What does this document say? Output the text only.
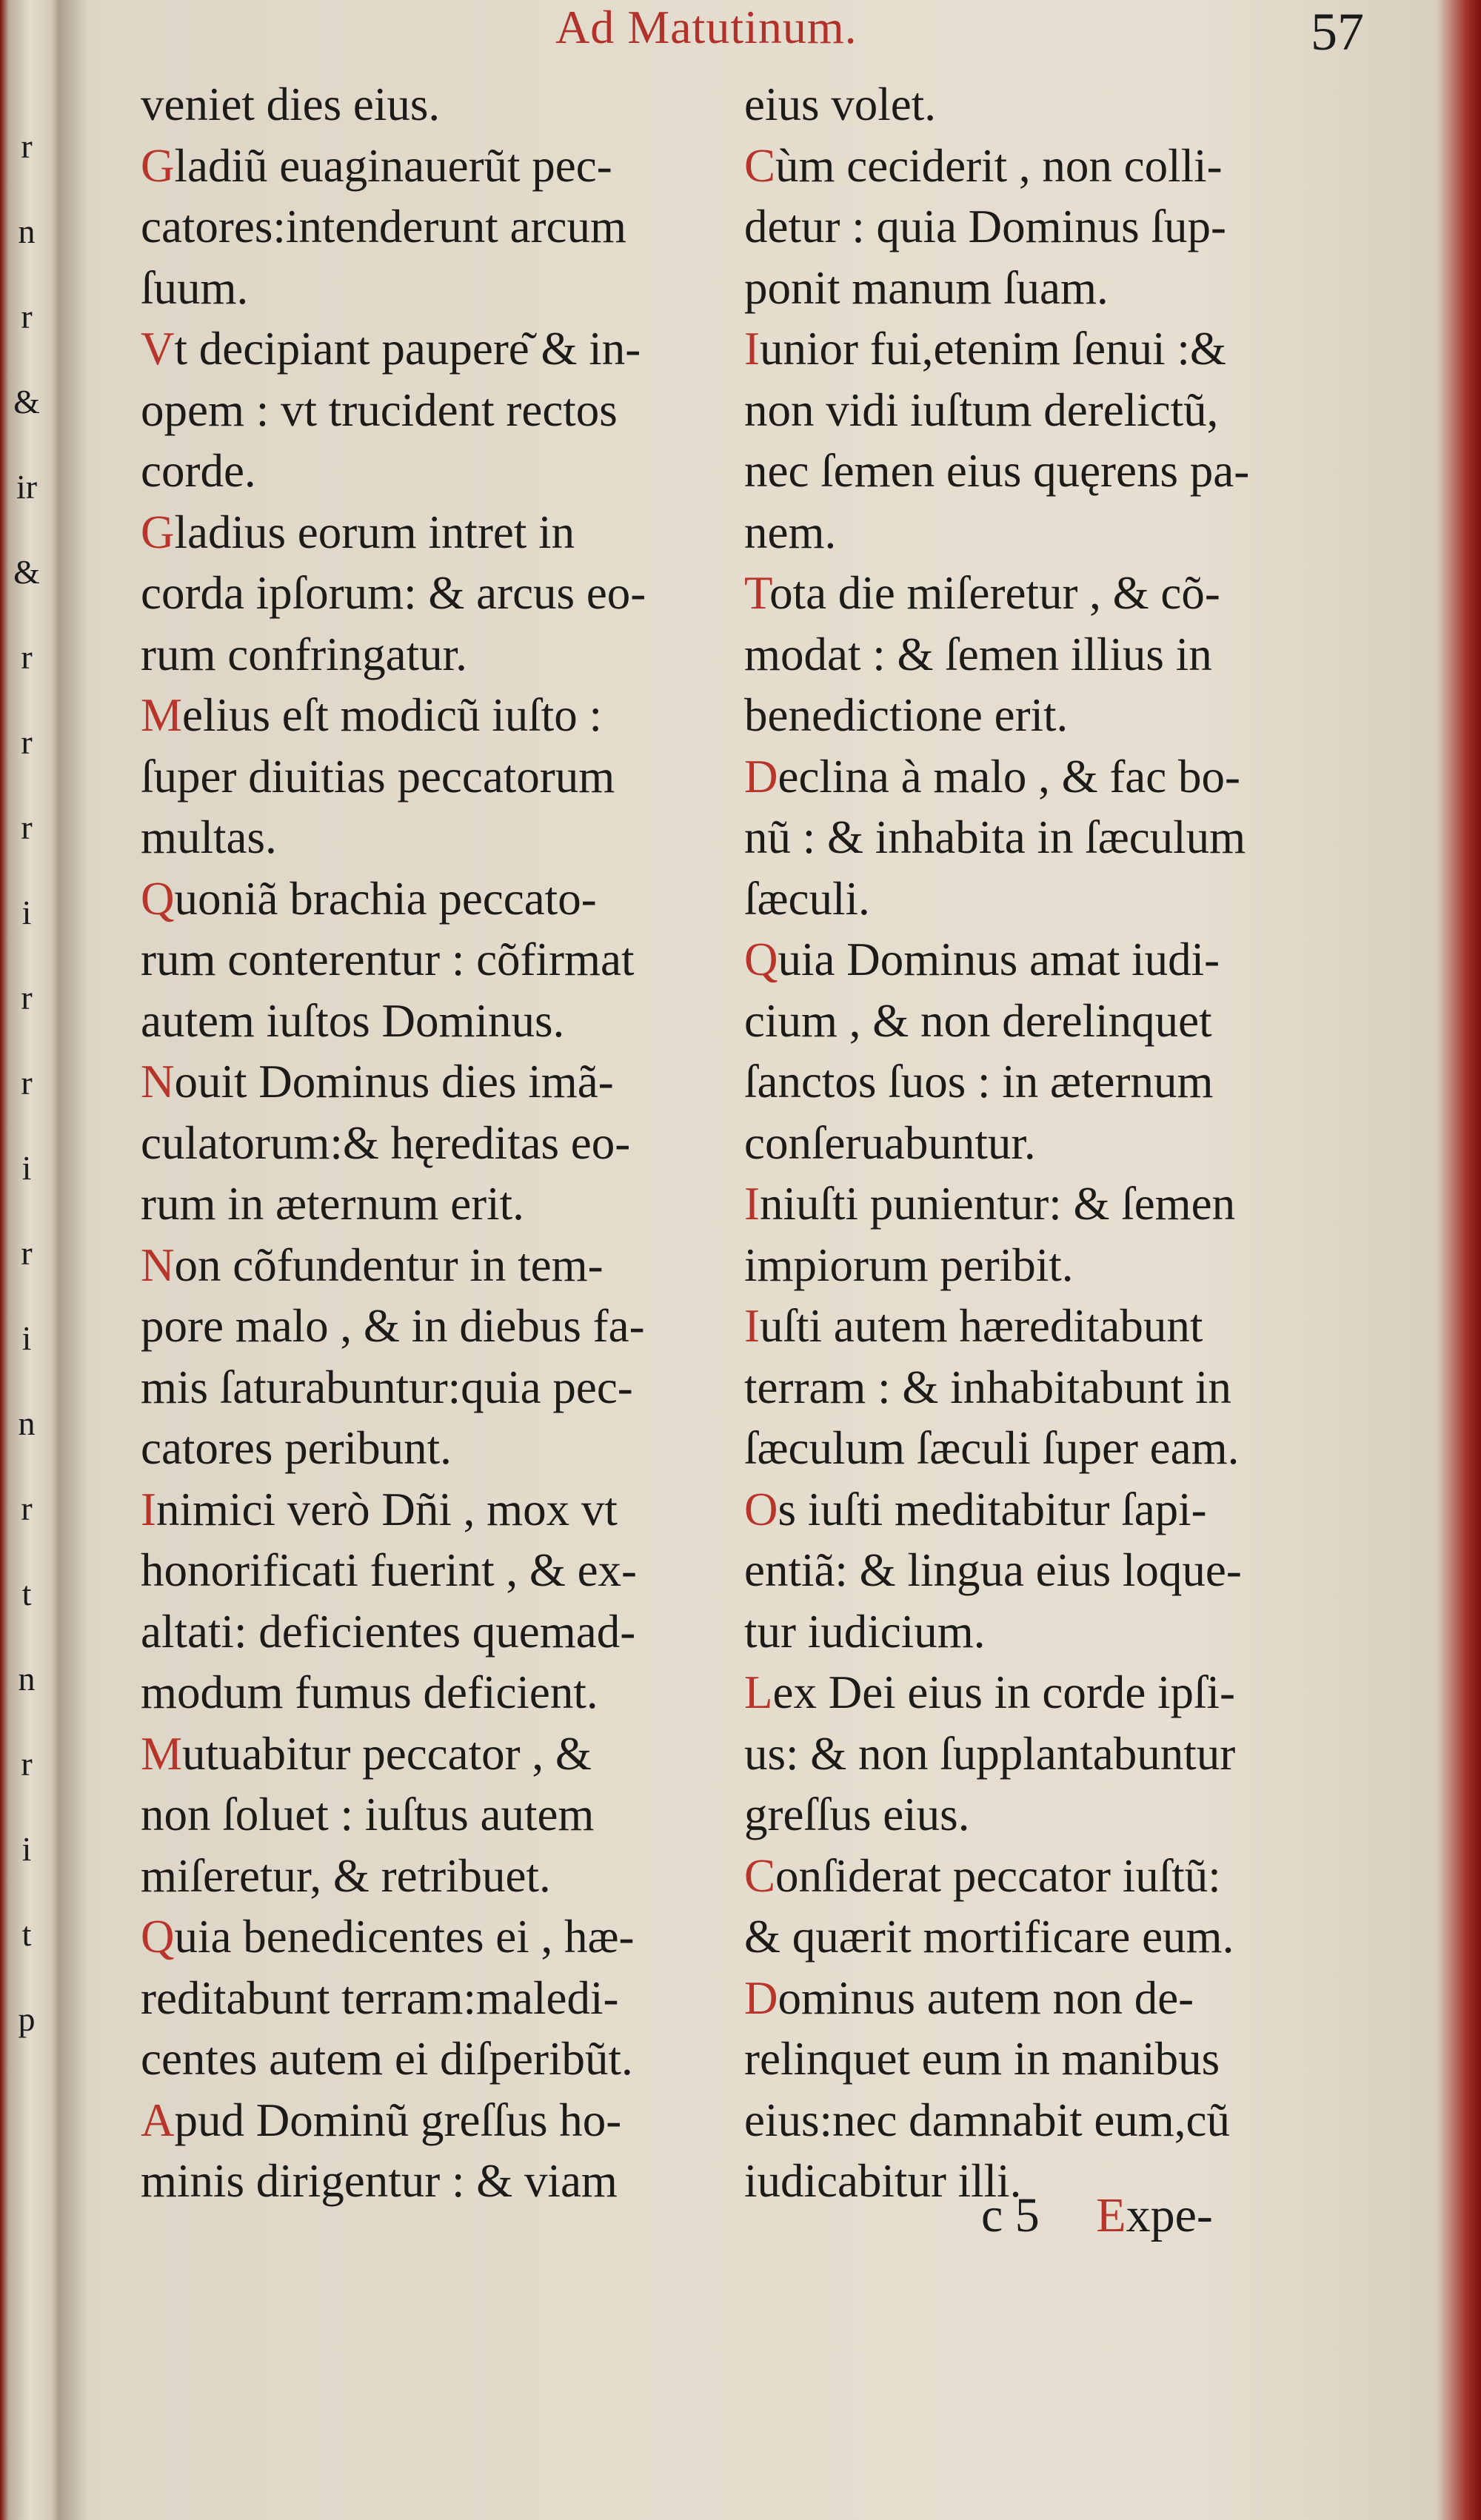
r
n
r
&
ir
&
r
r
r
i
r
r
i
r
i
n
r
t
n
r
i
t
p
Ad Matutinum.	57
veniet dies eius.
Gladiũ euaginauerũt pec-
catores:intenderunt arcum
ſuum.
Vt decipiant paupere͂ & in-
opem : vt trucident rectos
corde.
Gladius eorum intret in
corda ipſorum: & arcus eo-
rum confringatur.
Melius eſt modicũ iuſto :
ſuper diuitias peccatorum
multas.
Quoniã brachia peccato-
rum conterentur : cõfirmat
autem iuſtos Dominus.
Nouit Dominus dies imã-
culatorum:& hęreditas eo-
rum in æternum erit.
Non cõfundentur in tem-
pore malo , & in diebus fa-
mis ſaturabuntur:quia pec-
catores peribunt.
Inimici verò Dñi , mox vt
honorificati fuerint , & ex-
altati: deficientes quemad-
modum fumus deficient.
Mutuabitur peccator , &
non ſoluet : iuſtus autem
miſeretur, & retribuet.
Quia benedicentes ei , hæ-
reditabunt terram:maledi-
centes autem ei diſperibũt.
Apud Dominũ greſſus ho-
minis dirigentur : & viam
eius volet.
Cùm ceciderit , non colli-
detur : quia Dominus ſup-
ponit manum ſuam.
Iunior fui,etenim ſenui :&
non vidi iuſtum derelictũ,
nec ſemen eius quęrens pa-
nem.
Tota die miſeretur , & cõ-
modat : & ſemen illius in
benedictione erit.
Declina à malo , & fac bo-
nũ : & inhabita in ſæculum
ſæculi.
Quia Dominus amat iudi-
cium , & non derelinquet
ſanctos ſuos : in æternum
conſeruabuntur.
Iniuſti punientur: & ſemen
impiorum peribit.
Iuſti autem hæreditabunt
terram : & inhabitabunt in
ſæculum ſæculi ſuper eam.
Os iuſti meditabitur ſapi-
entiã: & lingua eius loque-
tur iudicium.
Lex Dei eius in corde ipſi-
us: & non ſupplantabuntur
greſſus eius.
Conſiderat peccator iuſtũ:
& quærit mortificare eum.
Dominus autem non de-
relinquet eum in manibus
eius:nec damnabit eum,cũ
iudicabitur illi.
c 5 Expe-
